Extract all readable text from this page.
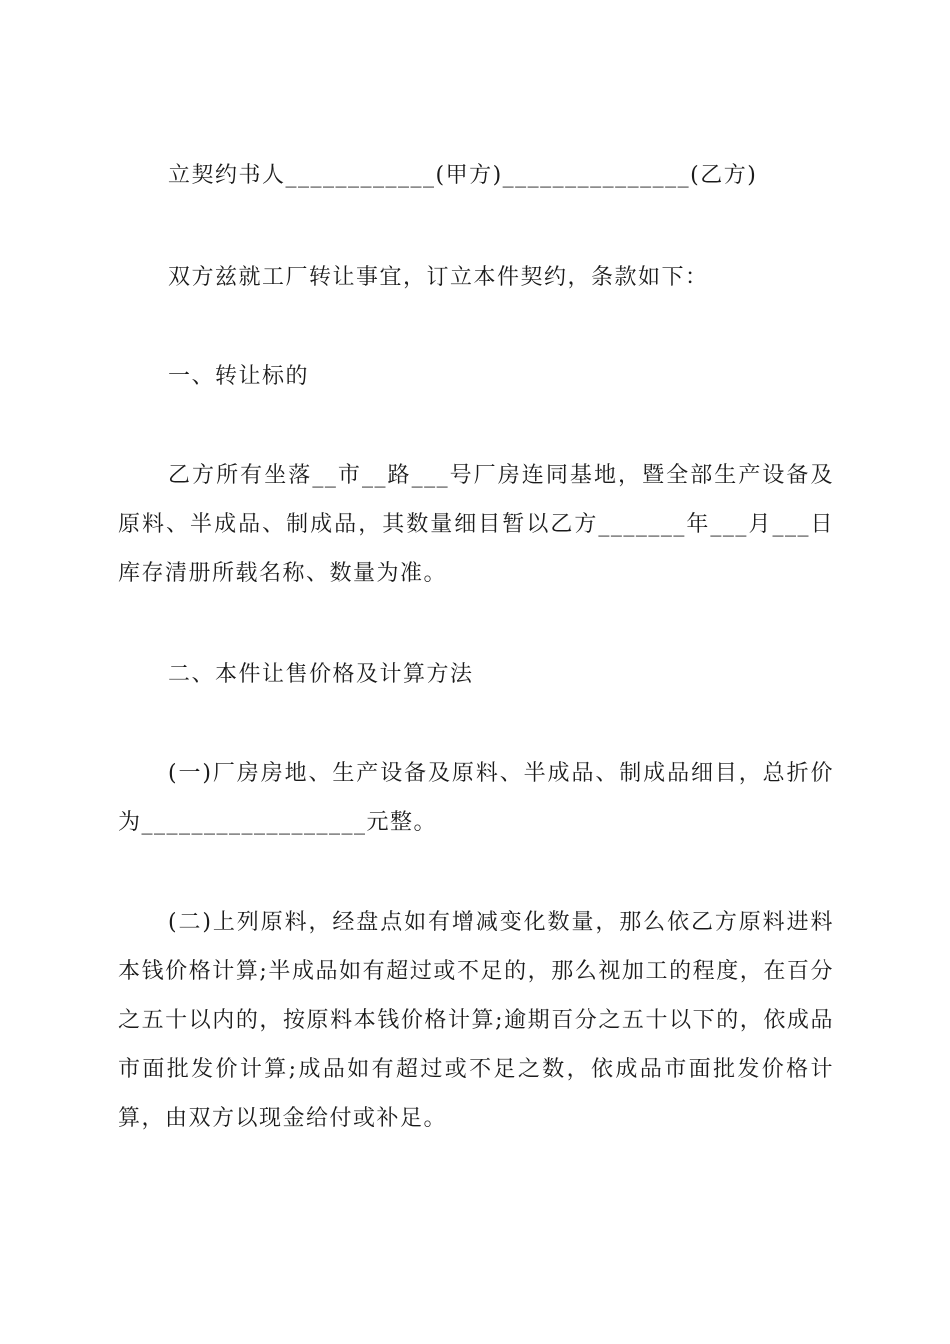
立契约书人____________(甲方)_______________(乙方)
双方兹就工厂转让事宜，订立本件契约，条款如下：
一、转让标的
乙方所有坐落__市__路___号厂房连同基地，暨全部生产设备及原料、半成品、制成品，其数量细目暂以乙方_______年___月___日库存清册所载名称、数量为准。
二、本件让售价格及计算方法
(一)厂房房地、生产设备及原料、半成品、制成品细目，总折价为__________________元整。
(二)上列原料，经盘点如有增减变化数量，那么依乙方原料进料本钱价格计算;半成品如有超过或不足的，那么视加工的程度，在百分之五十以内的，按原料本钱价格计算;逾期百分之五十以下的，依成品市面批发价计算;成品如有超过或不足之数，依成品市面批发价格计算，由双方以现金给付或补足。
